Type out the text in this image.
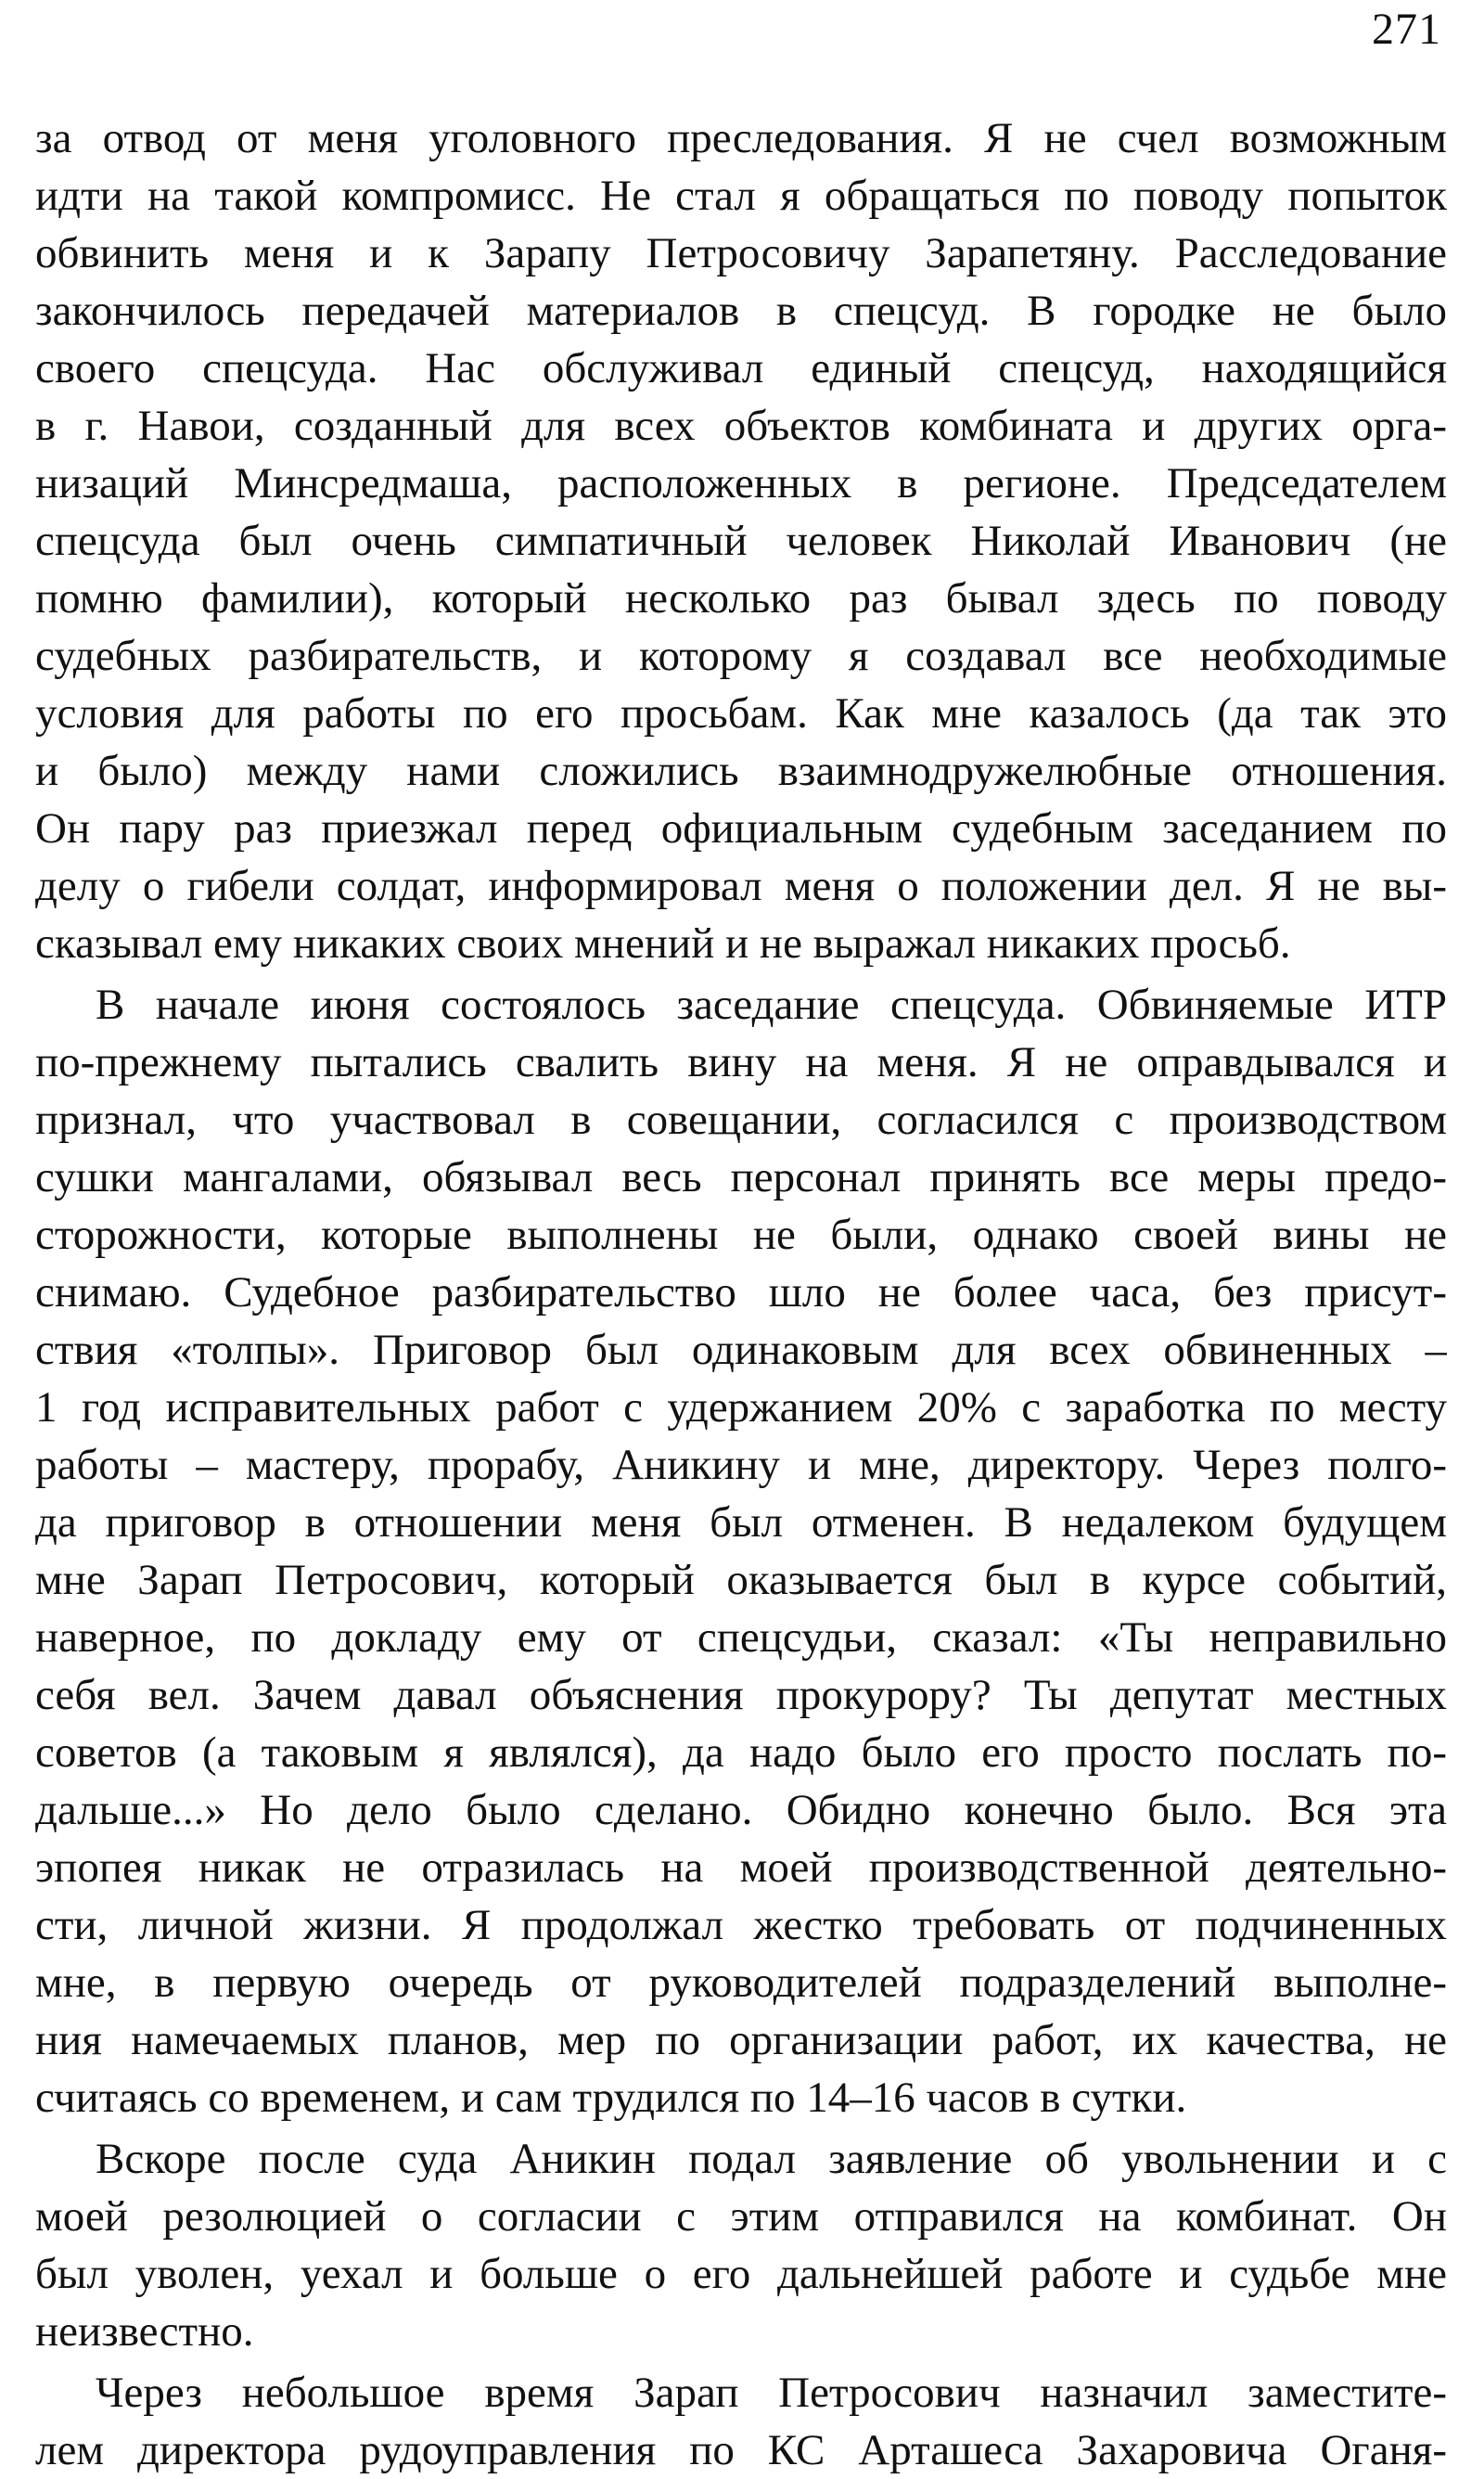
271
за отвод от меня уголовного преследования. Я не счел возможным
идти на такой компромисс. Не стал я обращаться по поводу попыток
обвинить меня и к Зарапу Петросовичу Зарапетяну. Расследование
закончилось передачей материалов в спецсуд. В городке не было
своего спецсуда. Нас обслуживал единый спецсуд, находящийся
в г. Навои, созданный для всех объектов комбината и других орга-
низаций Минсредмаша, расположенных в регионе. Председателем
спецсуда был очень симпатичный человек Николай Иванович (не
помню фамилии), который несколько раз бывал здесь по поводу
судебных разбирательств, и которому я создавал все необходимые
условия для работы по его просьбам. Как мне казалось (да так это
и было) между нами сложились взаимнодружелюбные отношения.
Он пару раз приезжал перед официальным судебным заседанием по
делу о гибели солдат, информировал меня о положении дел. Я не вы-
сказывал ему никаких своих мнений и не выражал никаких просьб.
В начале июня состоялось заседание спецсуда. Обвиняемые ИТР
по-прежнему пытались свалить вину на меня. Я не оправдывался и
признал, что участвовал в совещании, согласился с производством
сушки мангалами, обязывал весь персонал принять все меры предо-
сторожности, которые выполнены не были, однако своей вины не
снимаю. Судебное разбирательство шло не более часа, без присут-
ствия «толпы». Приговор был одинаковым для всех обвиненных –
1 год исправительных работ с удержанием 20% с заработка по месту
работы – мастеру, прорабу, Аникину и мне, директору. Через полго-
да приговор в отношении меня был отменен. В недалеком будущем
мне Зарап Петросович, который оказывается был в курсе событий,
наверное, по докладу ему от спецсудьи, сказал: «Ты неправильно
себя вел. Зачем давал объяснения прокурору? Ты депутат местных
советов (а таковым я являлся), да надо было его просто послать по-
дальше...» Но дело было сделано. Обидно конечно было. Вся эта
эпопея никак не отразилась на моей производственной деятельно-
сти, личной жизни. Я продолжал жестко требовать от подчиненных
мне, в первую очередь от руководителей подразделений выполне-
ния намечаемых планов, мер по организации работ, их качества, не
считаясь со временем, и сам трудился по 14–16 часов в сутки.
Вскоре после суда Аникин подал заявление об увольнении и с
моей резолюцией о согласии с этим отправился на комбинат. Он
был уволен, уехал и больше о его дальнейшей работе и судьбе мне
неизвестно.
Через небольшое время Зарап Петросович назначил заместите-
лем директора рудоуправления по КС Арташеса Захаровича Оганя-
